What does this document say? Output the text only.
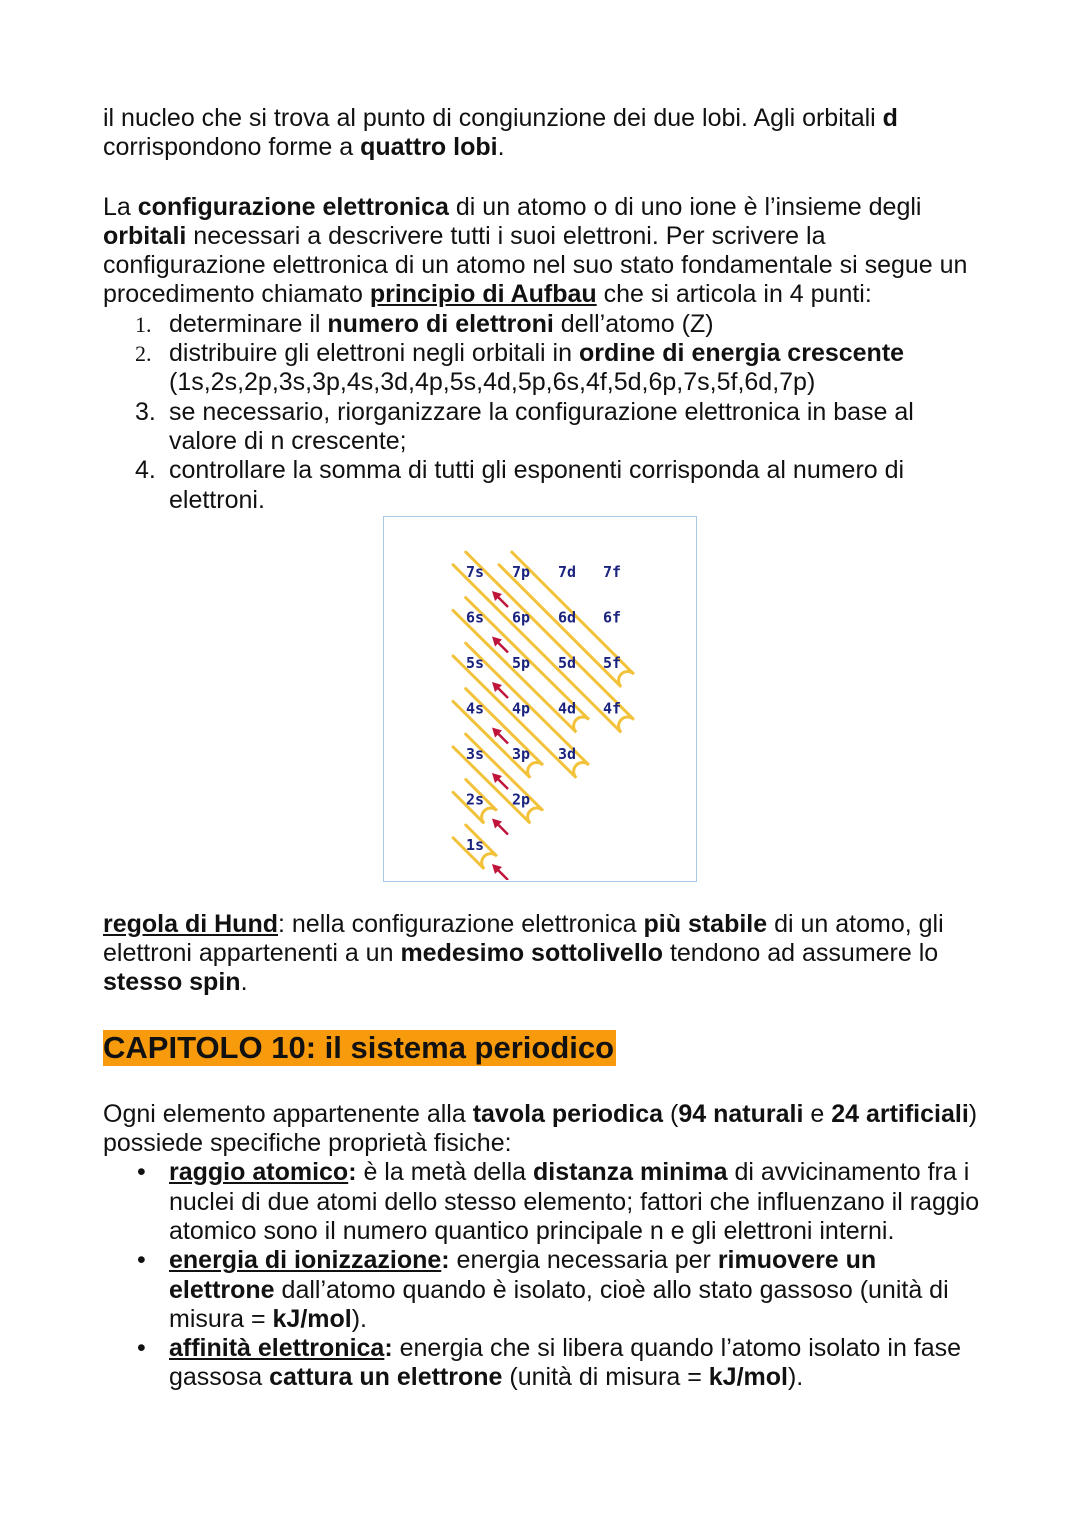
il nucleo che si trova al punto di congiunzione dei due lobi. Agli orbitali d corrispondono forme a quattro lobi.

La configurazione elettronica di un atomo o di uno ione è l’insieme degli orbitali necessari a descrivere tutti i suoi elettroni. Per scrivere la configurazione elettronica di un atomo nel suo stato fondamentale si segue un procedimento chiamato principio di Aufbau che si articola in 4 punti:

1. determinare il numero di elettroni dell’atomo (Z)
2. distribuire gli elettroni negli orbitali in ordine di energia crescente (1s,2s,2p,3s,3p,4s,3d,4p,5s,4d,5p,6s,4f,5d,6p,7s,5f,6d,7p)
3. se necessario, riorganizzare la configurazione elettronica in base al valore di n crescente;
4. controllare la somma di tutti gli esponenti corrisponda al numero di elettroni.
7s 7p 7d 7f
6s 6p 6d 6f
5s 5p 5d 5f
4s 4p 4d 4f
3s 3p 3d
2s 2p
1s

regola di Hund: nella configurazione elettronica più stabile di un atomo, gli elettroni appartenenti a un medesimo sottolivello tendono ad assumere lo stesso spin.

CAPITOLO 10: il sistema periodico

Ogni elemento appartenente alla tavola periodica (94 naturali e 24 artificiali) possiede specifiche proprietà fisiche:

• raggio atomico: è la metà della distanza minima di avvicinamento fra i nuclei di due atomi dello stesso elemento; fattori che influenzano il raggio atomico sono il numero quantico principale n e gli elettroni interni.
• energia di ionizzazione: energia necessaria per rimuovere un elettrone dall’atomo quando è isolato, cioè allo stato gassoso (unità di misura = kJ/mol).
• affinità elettronica: energia che si libera quando l’atomo isolato in fase gassosa cattura un elettrone (unità di misura = kJ/mol).
